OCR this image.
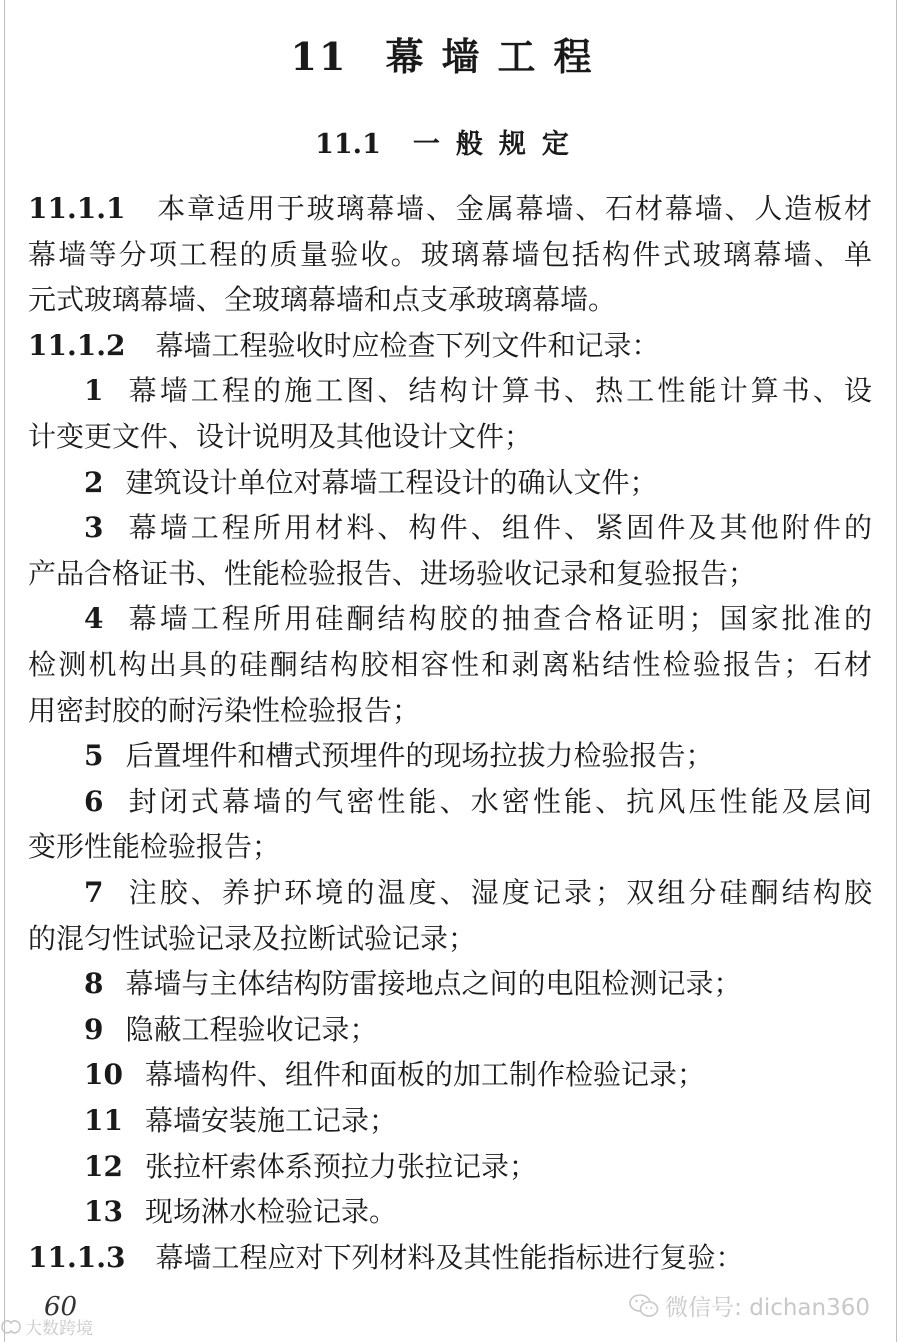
11 幕墙工程
11.1 一般规定
11.1.1 本章适用于玻璃幕墙、金属幕墙、石材幕墙、人造板材
幕墙等分项工程的质量验收。玻璃幕墙包括构件式玻璃幕墙、单
元式玻璃幕墙、全玻璃幕墙和点支承玻璃幕墙。
11.1.2 幕墙工程验收时应检查下列文件和记录：
1 幕墙工程的施工图、结构计算书、热工性能计算书、设
计变更文件、设计说明及其他设计文件；
2 建筑设计单位对幕墙工程设计的确认文件；
3 幕墙工程所用材料、构件、组件、紧固件及其他附件的
产品合格证书、性能检验报告、进场验收记录和复验报告；
4 幕墙工程所用硅酮结构胶的抽查合格证明；国家批准的
检测机构出具的硅酮结构胶相容性和剥离粘结性检验报告；石材
用密封胶的耐污染性检验报告；
5 后置埋件和槽式预埋件的现场拉拔力检验报告；
6 封闭式幕墙的气密性能、水密性能、抗风压性能及层间
变形性能检验报告；
7 注胶、养护环境的温度、湿度记录；双组分硅酮结构胶
的混匀性试验记录及拉断试验记录；
8 幕墙与主体结构防雷接地点之间的电阻检测记录；
9 隐蔽工程验收记录；
10 幕墙构件、组件和面板的加工制作检验记录；
11 幕墙安装施工记录；
12 张拉杆索体系预拉力张拉记录；
13 现场淋水检验记录。
11.1.3 幕墙工程应对下列材料及其性能指标进行复验：
60
大数跨境
微信号: dichan360
